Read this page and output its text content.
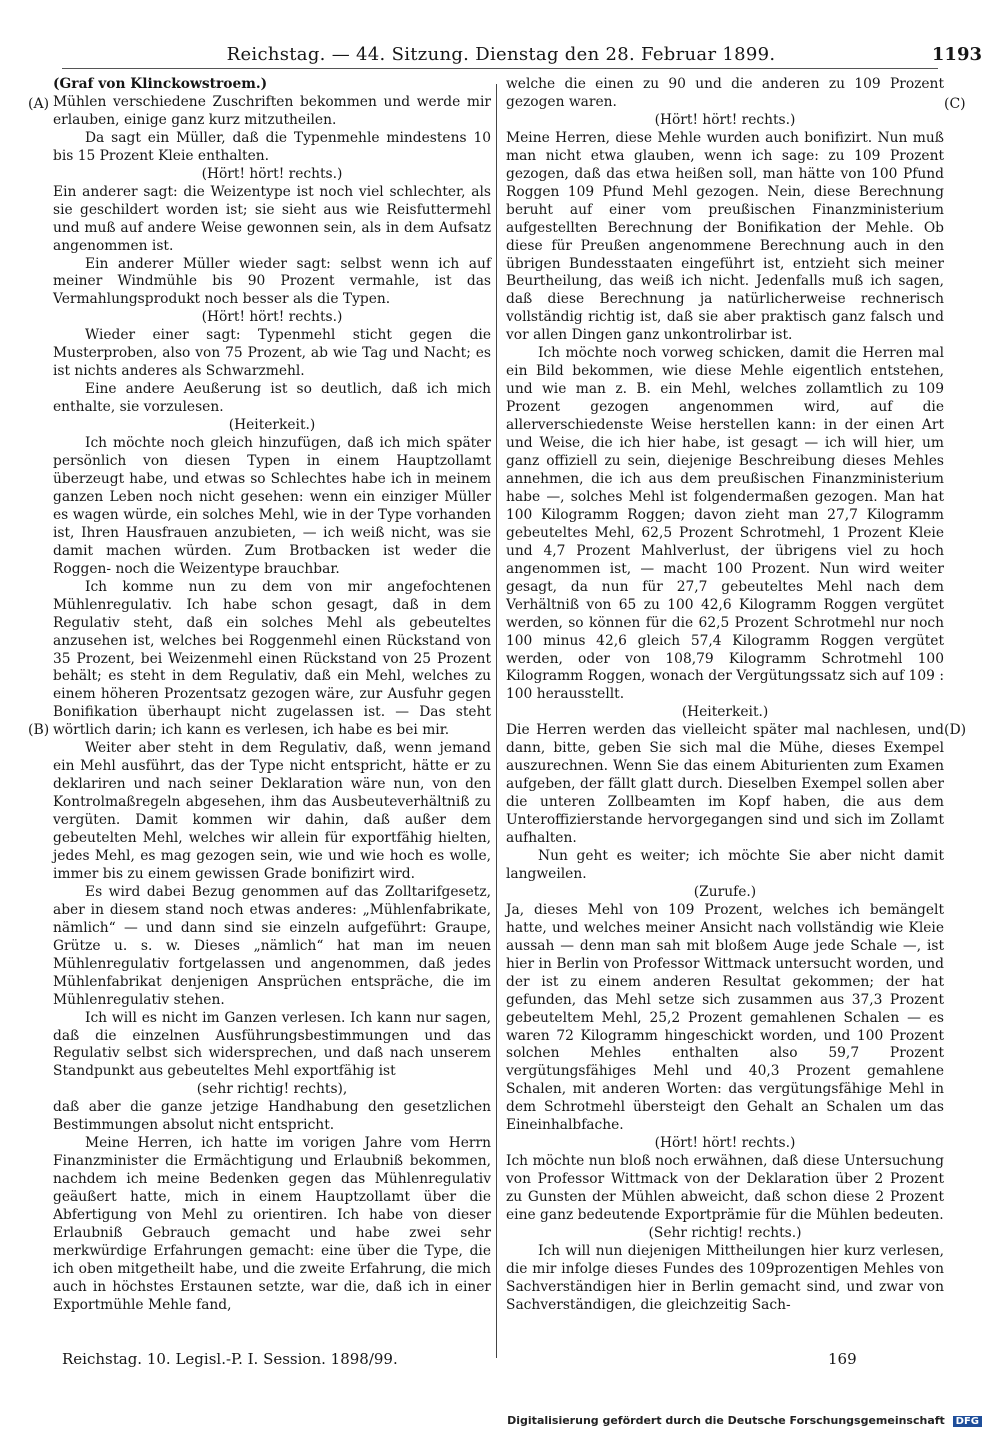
Reichstag. — 44. Sitzung. Dienstag den 28. Februar 1899.	1193
(A)
(B)
(C)
(D)

(Graf von Klinckowstroem.)

Mühlen verschiedene Zuschriften bekommen und werde mir erlauben, einige ganz kurz mitzutheilen.

Da sagt ein Müller, daß die Typenmehle mindestens 10 bis 15 Prozent Kleie enthalten.

(Hört! hört! rechts.)

Ein anderer sagt: die Weizentype ist noch viel schlechter, als sie geschildert worden ist; sie sieht aus wie Reisfuttermehl und muß auf andere Weise gewonnen sein, als in dem Aufsatz angenommen ist.

Ein anderer Müller wieder sagt: selbst wenn ich auf meiner Windmühle bis 90 Prozent vermahle, ist das Vermahlungsprodukt noch besser als die Typen.

(Hört! hört! rechts.)

Wieder einer sagt: Typenmehl sticht gegen die Musterproben, also von 75 Prozent, ab wie Tag und Nacht; es ist nichts anderes als Schwarzmehl.

Eine andere Aeußerung ist so deutlich, daß ich mich enthalte, sie vorzulesen.

(Heiterkeit.)

Ich möchte noch gleich hinzufügen, daß ich mich später persönlich von diesen Typen in einem Hauptzollamt überzeugt habe, und etwas so Schlechtes habe ich in meinem ganzen Leben noch nicht gesehen: wenn ein einziger Müller es wagen würde, ein solches Mehl, wie in der Type vorhanden ist, Ihren Hausfrauen anzubieten, — ich weiß nicht, was sie damit machen würden. Zum Brotbacken ist weder die Roggen- noch die Weizentype brauchbar.

Ich komme nun zu dem von mir angefochtenen Mühlenregulativ. Ich habe schon gesagt, daß in dem Regulativ steht, daß ein solches Mehl als gebeuteltes anzusehen ist, welches bei Roggenmehl einen Rückstand von 35 Prozent, bei Weizenmehl einen Rückstand von 25 Prozent behält; es steht in dem Regulativ, daß ein Mehl, welches zu einem höheren Prozentsatz gezogen wäre, zur Ausfuhr gegen Bonifikation überhaupt nicht zugelassen ist. — Das steht wörtlich darin; ich kann es verlesen, ich habe es bei mir.

Weiter aber steht in dem Regulativ, daß, wenn jemand ein Mehl ausführt, das der Type nicht entspricht, hätte er zu deklariren und nach seiner Deklaration wäre nun, von den Kontrolmaßregeln abgesehen, ihm das Ausbeuteverhältniß zu vergüten. Damit kommen wir dahin, daß außer dem gebeutelten Mehl, welches wir allein für exportfähig hielten, jedes Mehl, es mag gezogen sein, wie und wie hoch es wolle, immer bis zu einem gewissen Grade bonifizirt wird.

Es wird dabei Bezug genommen auf das Zolltarifgesetz, aber in diesem stand noch etwas anderes: „Mühlenfabrikate, nämlich“ — und dann sind sie einzeln aufgeführt: Graupe, Grütze u. s. w. Dieses „nämlich“ hat man im neuen Mühlenregulativ fortgelassen und angenommen, daß jedes Mühlenfabrikat denjenigen Ansprüchen entspräche, die im Mühlenregulativ stehen.

Ich will es nicht im Ganzen verlesen. Ich kann nur sagen, daß die einzelnen Ausführungsbestimmungen und das Regulativ selbst sich widersprechen, und daß nach unserem Standpunkt aus gebeuteltes Mehl exportfähig ist

(sehr richtig! rechts),

daß aber die ganze jetzige Handhabung den gesetzlichen Bestimmungen absolut nicht entspricht.

Meine Herren, ich hatte im vorigen Jahre vom Herrn Finanzminister die Ermächtigung und Erlaubniß bekommen, nachdem ich meine Bedenken gegen das Mühlenregulativ geäußert hatte, mich in einem Hauptzollamt über die Abfertigung von Mehl zu orientiren. Ich habe von dieser Erlaubniß Gebrauch gemacht und habe zwei sehr merkwürdige Erfahrungen gemacht: eine über die Type, die ich oben mitgetheilt habe, und die zweite Erfahrung, die mich auch in höchstes Erstaunen setzte, war die, daß ich in einer Exportmühle Mehle fand,

welche die einen zu 90 und die anderen zu 109 Prozent gezogen waren.

(Hört! hört! rechts.)

Meine Herren, diese Mehle wurden auch bonifizirt. Nun muß man nicht etwa glauben, wenn ich sage: zu 109 Prozent gezogen, daß das etwa heißen soll, man hätte von 100 Pfund Roggen 109 Pfund Mehl gezogen. Nein, diese Berechnung beruht auf einer vom preußischen Finanzministerium aufgestellten Berechnung der Bonifikation der Mehle. Ob diese für Preußen angenommene Berechnung auch in den übrigen Bundesstaaten eingeführt ist, entzieht sich meiner Beurtheilung, das weiß ich nicht. Jedenfalls muß ich sagen, daß diese Berechnung ja natürlicherweise rechnerisch vollständig richtig ist, daß sie aber praktisch ganz falsch und vor allen Dingen ganz unkontrolirbar ist.

Ich möchte noch vorweg schicken, damit die Herren mal ein Bild bekommen, wie diese Mehle eigentlich entstehen, und wie man z. B. ein Mehl, welches zollamtlich zu 109 Prozent gezogen angenommen wird, auf die allerverschiedenste Weise herstellen kann: in der einen Art und Weise, die ich hier habe, ist gesagt — ich will hier, um ganz offiziell zu sein, diejenige Beschreibung dieses Mehles annehmen, die ich aus dem preußischen Finanzministerium habe —, solches Mehl ist folgendermaßen gezogen. Man hat 100 Kilogramm Roggen; davon zieht man 27,7 Kilogramm gebeuteltes Mehl, 62,5 Prozent Schrotmehl, 1 Prozent Kleie und 4,7 Prozent Mahlverlust, der übrigens viel zu hoch angenommen ist, — macht 100 Prozent. Nun wird weiter gesagt, da nun für 27,7 gebeuteltes Mehl nach dem Verhältniß von 65 zu 100 42,6 Kilogramm Roggen vergütet werden, so können für die 62,5 Prozent Schrotmehl nur noch 100 minus 42,6 gleich 57,4 Kilogramm Roggen vergütet werden, oder von 108,79 Kilogramm Schrotmehl 100 Kilogramm Roggen, wonach der Vergütungssatz sich auf 109 : 100 herausstellt.

(Heiterkeit.)

Die Herren werden das vielleicht später mal nachlesen, und dann, bitte, geben Sie sich mal die Mühe, dieses Exempel auszurechnen. Wenn Sie das einem Abiturienten zum Examen aufgeben, der fällt glatt durch. Dieselben Exempel sollen aber die unteren Zollbeamten im Kopf haben, die aus dem Unteroffizierstande hervorgegangen sind und sich im Zollamt aufhalten.

Nun geht es weiter; ich möchte Sie aber nicht damit langweilen.

(Zurufe.)

Ja, dieses Mehl von 109 Prozent, welches ich bemängelt hatte, und welches meiner Ansicht nach vollständig wie Kleie aussah — denn man sah mit bloßem Auge jede Schale —, ist hier in Berlin von Professor Wittmack untersucht worden, und der ist zu einem anderen Resultat gekommen; der hat gefunden, das Mehl setze sich zusammen aus 37,3 Prozent gebeuteltem Mehl, 25,2 Prozent gemahlenen Schalen — es waren 72 Kilogramm hingeschickt worden, und 100 Prozent solchen Mehles enthalten also 59,7 Prozent vergütungsfähiges Mehl und 40,3 Prozent gemahlene Schalen, mit anderen Worten: das vergütungsfähige Mehl in dem Schrotmehl übersteigt den Gehalt an Schalen um das Eineinhalbfache.

(Hört! hört! rechts.)

Ich möchte nun bloß noch erwähnen, daß diese Untersuchung von Professor Wittmack von der Deklaration über 2 Prozent zu Gunsten der Mühlen abweicht, daß schon diese 2 Prozent eine ganz bedeutende Exportprämie für die Mühlen bedeuten.

(Sehr richtig! rechts.)

Ich will nun diejenigen Mittheilungen hier kurz verlesen, die mir infolge dieses Fundes des 109prozentigen Mehles von Sachverständigen hier in Berlin gemacht sind, und zwar von Sachverständigen, die gleichzeitig Sach-

Reichstag. 10. Legisl.-P. I. Session. 1898/99.	169
Digitalisierung gefördert durch die Deutsche Forschungsgemeinschaft DFG
